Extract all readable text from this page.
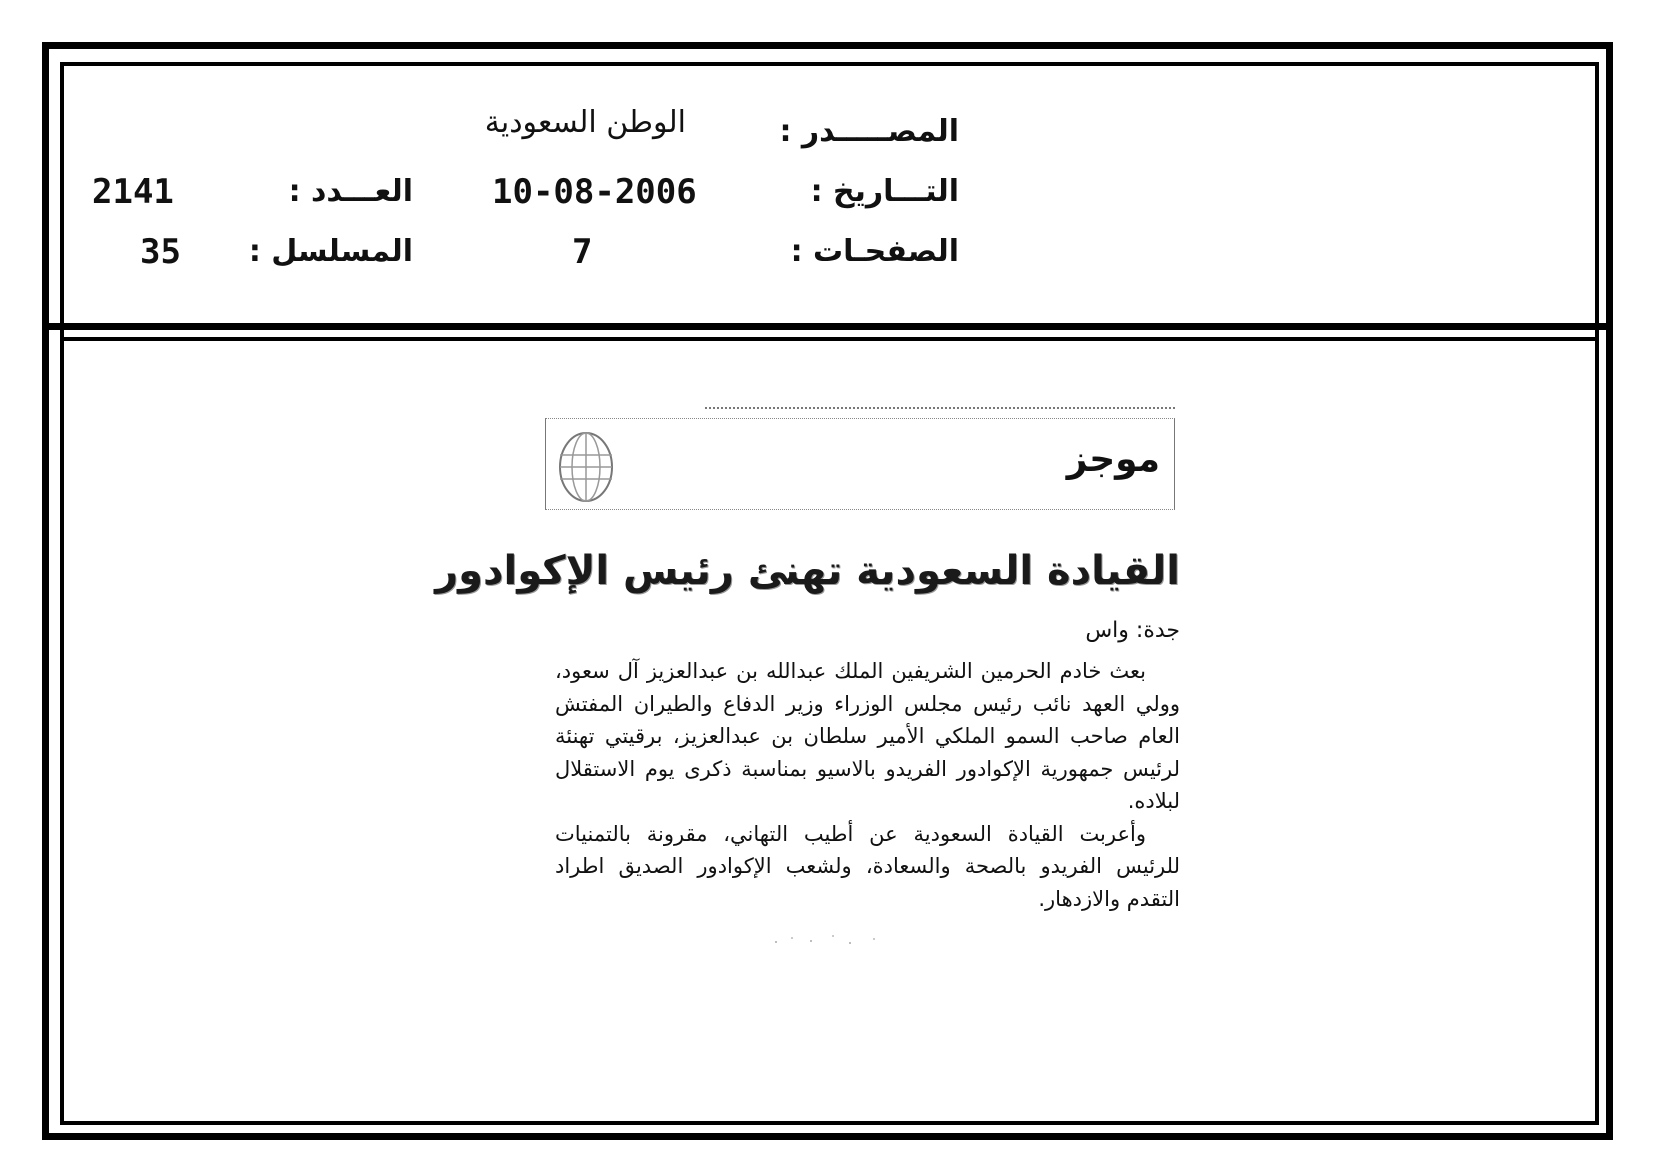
المصـــــدر :
الوطن السعودية
التـــاريخ :
10-08-2006
العـــدد :
2141
الصفحـات :
7
المسلسل :
35
موجز
القيادة السعودية تهنئ رئيس الإكوادور
جدة: واس

بعث خادم الحرمين الشريفين الملك عبدالله بن عبدالعزيز آل سعود، وولي العهد نائب رئيس مجلس الوزراء وزير الدفاع والطيران المفتش العام صاحب السمو الملكي الأمير سلطان بن عبدالعزيز، برقيتي تهنئة لرئيس جمهورية الإكوادور الفريدو بالاسيو بمناسبة ذكرى يوم الاستقلال لبلاده.

وأعربت القيادة السعودية عن أطيب التهاني، مقرونة بالتمنيات للرئيس الفريدو بالصحة والسعادة، ولشعب الإكوادور الصديق اطراد التقدم والازدهار.
